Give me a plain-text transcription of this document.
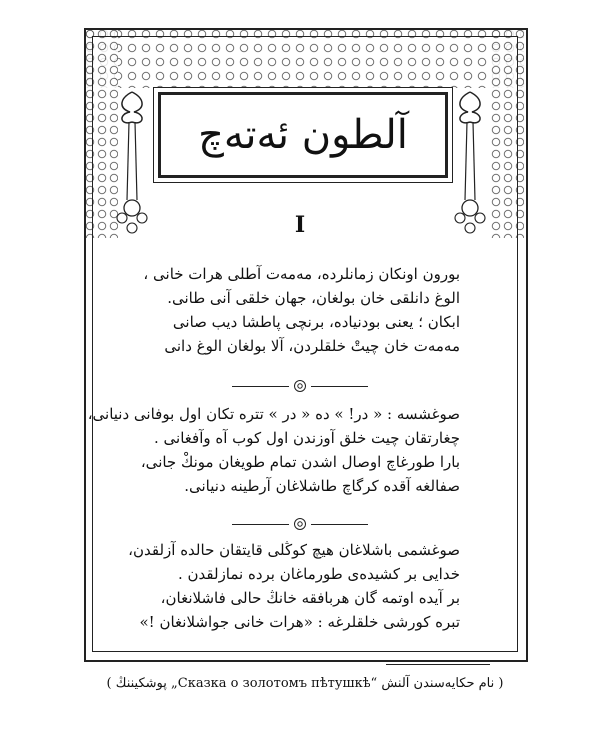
آلطون ئەتەچ
I
بورون اونكان زمانلرده، مەمەت آطلى هرات خانى ،
الوغ دانلقى خان بولغان، جهان خلقى آنى طانى.
ابكان ؛ يعنى بودنياده، برنچى پاطشا ديب صانى
مەمەت خان چيتْ خلقلردن، آلا بولغان الوغ دانى
صوغشسه : « در! » ده « در » تتره تكان اول بوفانى دنيانى،
چغارتقان چيت خلق آوزندن اول كوب آه وآفغانى .
بارا طورغاچ اوصال اشدن تمام طويغان مونكْ جانى،
صفالغه آقده كرگاچ طاشلاغان آرطينه دنيانى.
صوغشمى باشلاغان هيچ كوڭلى قايتقان حالده آزلقدن،
خدايى بر كشيدەى طورماغان برده نمازلقدن .
بر آيده اوتمه گان هربافقه خانڭ حالى فاشلانغان،
تبره كورشى خلقلرغه : «هرات خانى جواشلانغان !»
( پوشكيننڭ „Сказка о золотомъ пѣтушкѣ“ نام حكايەسندن آلنش )
